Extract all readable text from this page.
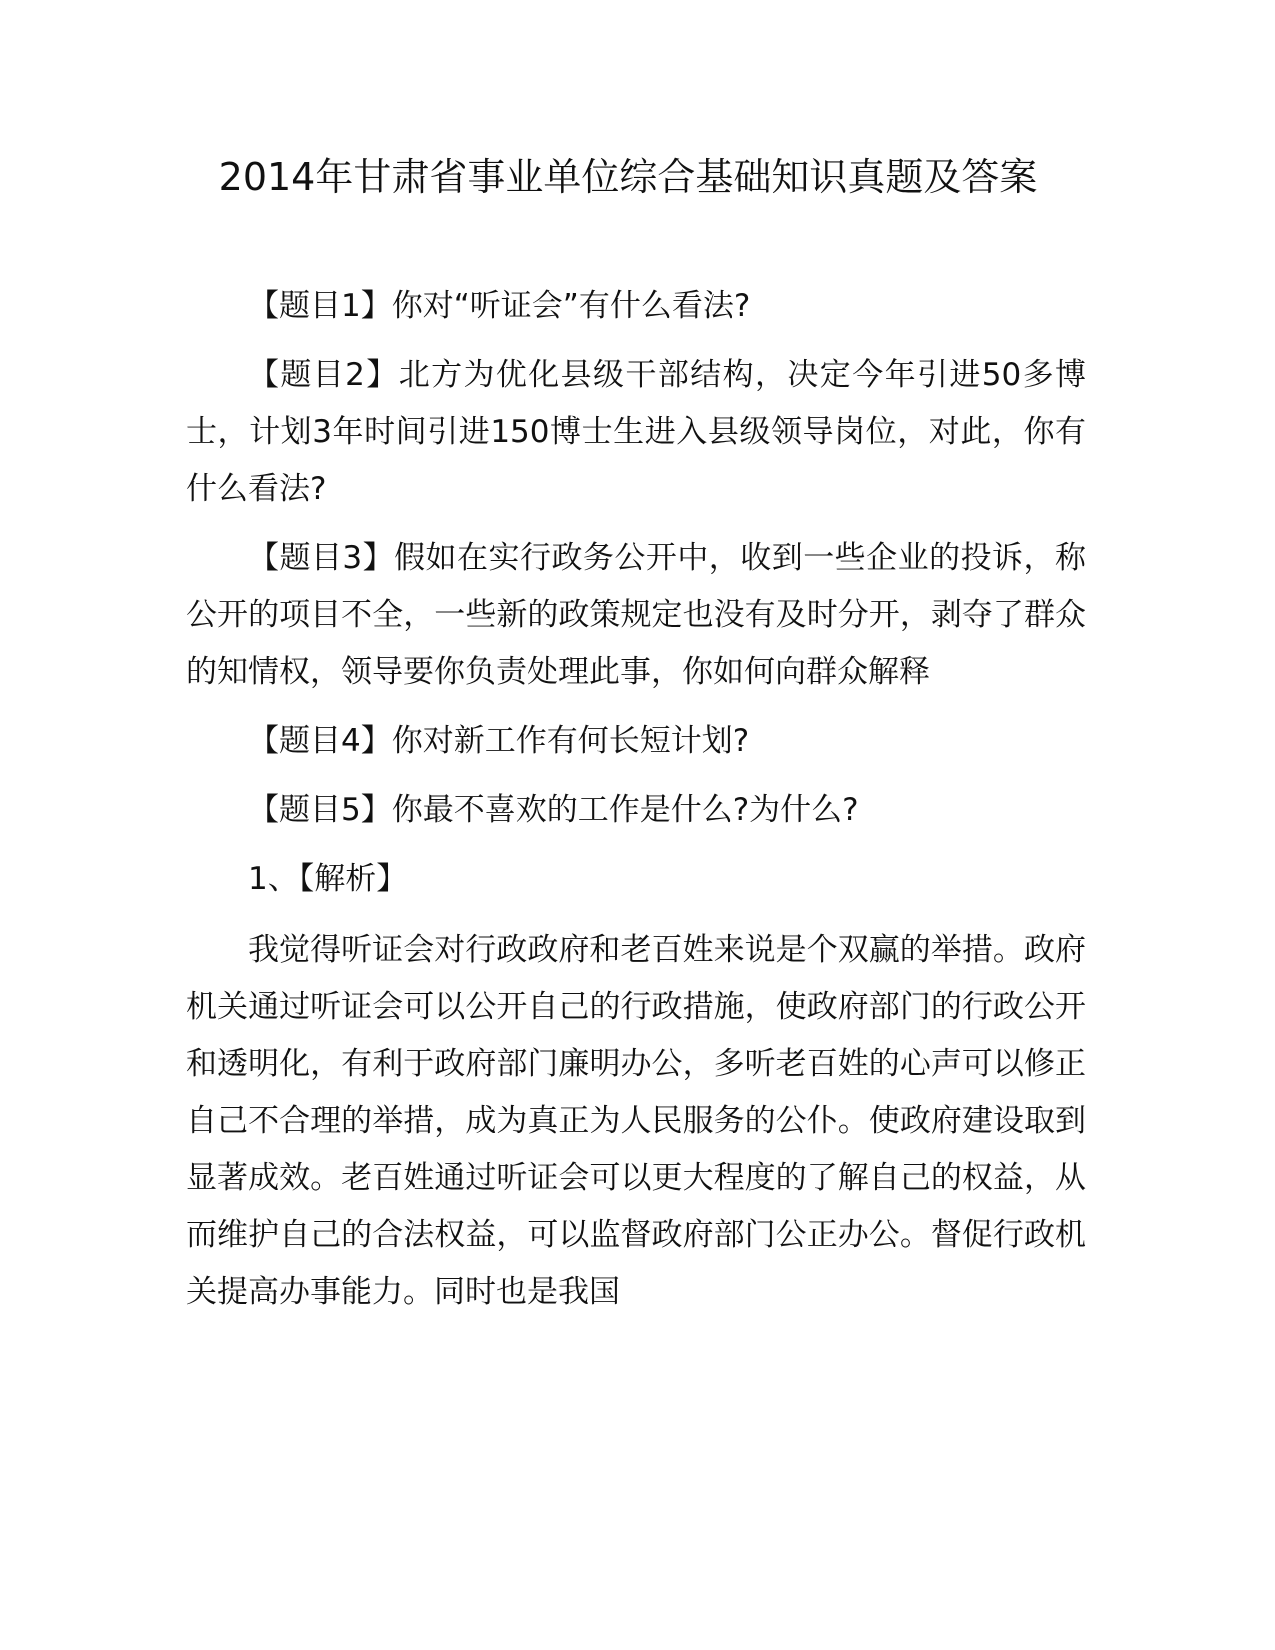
2014年甘肃省事业单位综合基础知识真题及答案

【题目1】你对“听证会”有什么看法?

【题目2】北方为优化县级干部结构，决定今年引进50多博士，计划3年时间引进150博士生进入县级领导岗位，对此，你有什么看法?

【题目3】假如在实行政务公开中，收到一些企业的投诉，称公开的项目不全，一些新的政策规定也没有及时分开，剥夺了群众的知情权，领导要你负责处理此事，你如何向群众解释

【题目4】你对新工作有何长短计划?

【题目5】你最不喜欢的工作是什么?为什么?

1、【解析】

我觉得听证会对行政政府和老百姓来说是个双赢的举措。政府机关通过听证会可以公开自己的行政措施，使政府部门的行政公开和透明化，有利于政府部门廉明办公，多听老百姓的心声可以修正自己不合理的举措，成为真正为人民服务的公仆。使政府建设取到显著成效。老百姓通过听证会可以更大程度的了解自己的权益，从而维护自己的合法权益，可以监督政府部门公正办公。督促行政机关提高办事能力。同时也是我国
